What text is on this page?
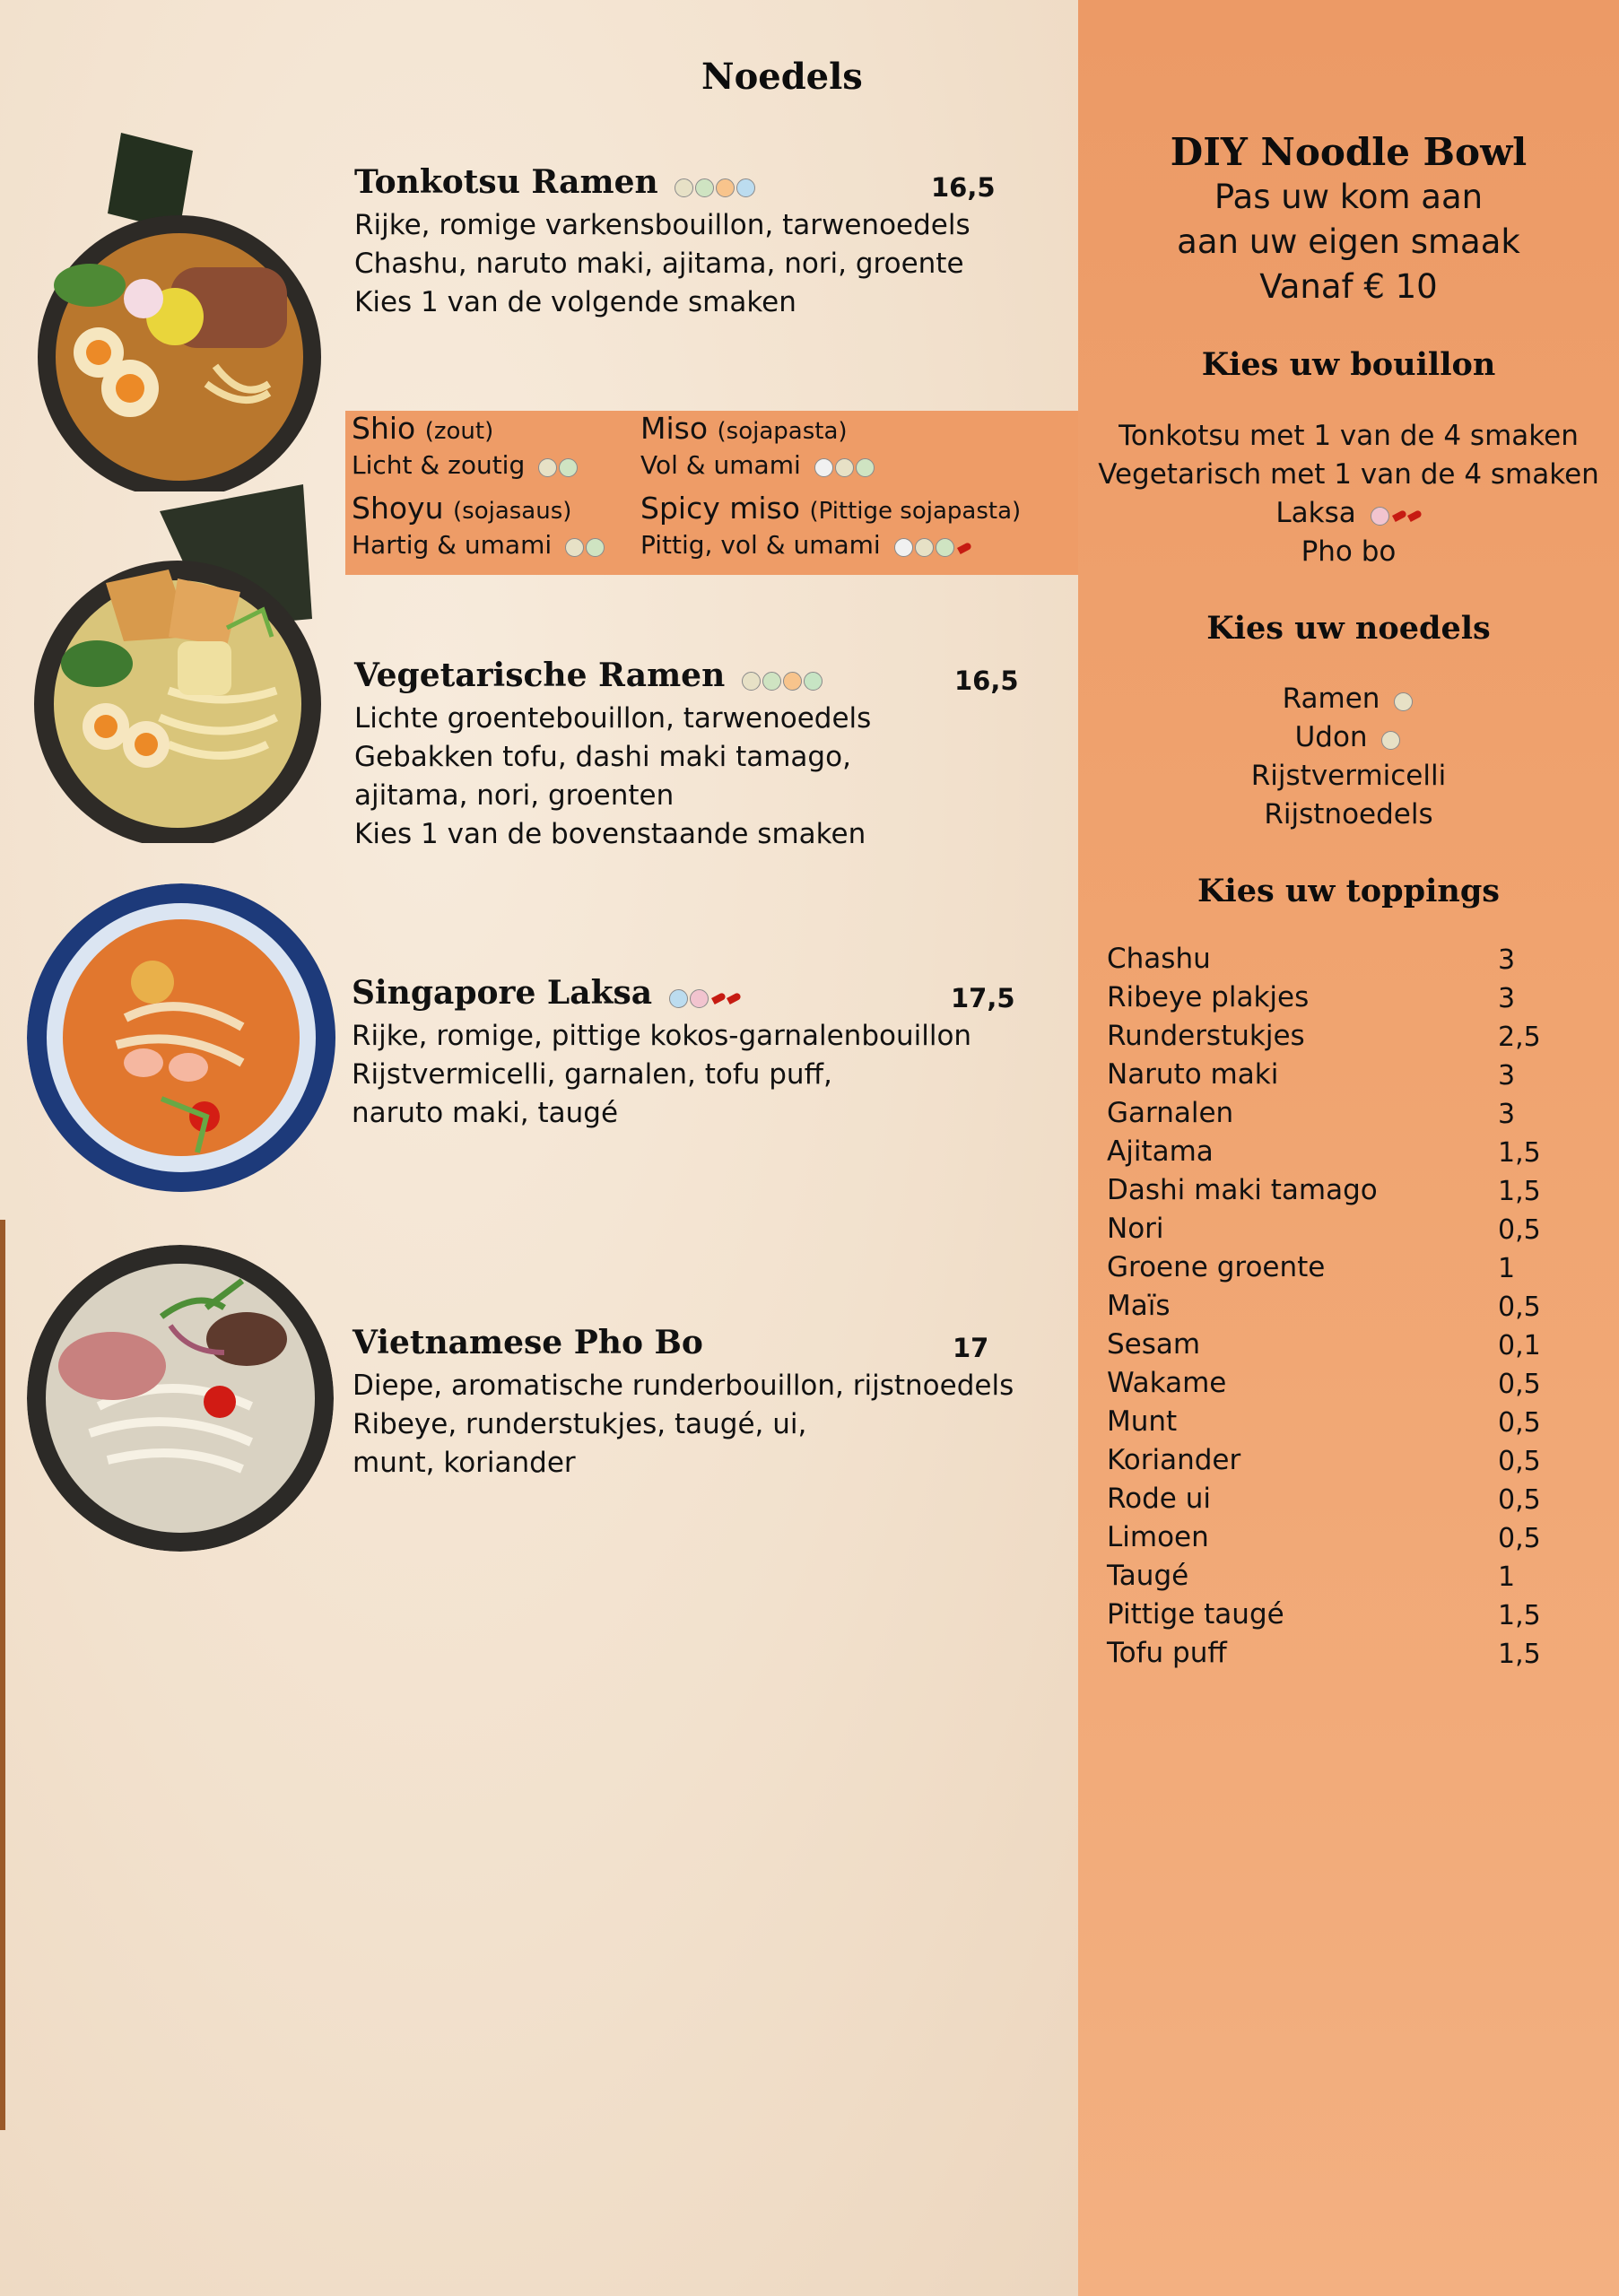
Noedels
Tonkotsu Ramen	16,5
Rijke, romige varkensbouillon, tarwenoedels
Chashu, naruto maki, ajitama, nori, groente
Kies 1 van de volgende smaken
Shio (zout)
Licht & zoutig
Miso (sojapasta)
Vol & umami
Shoyu (sojasaus)
Hartig & umami
Spicy miso (Pittige sojapasta)
Pittig, vol & umami
Vegetarische Ramen	16,5
Lichte groentebouillon, tarwenoedels
Gebakken tofu, dashi maki tamago,
ajitama, nori, groenten
Kies 1 van de bovenstaande smaken
Singapore Laksa	17,5
Rijke, romige, pittige kokos-garnalenbouillon
Rijstvermicelli, garnalen, tofu puff,
naruto maki, taugé
Vietnamese Pho Bo	17
Diepe, aromatische runderbouillon, rijstnoedels
Ribeye, runderstukjes, taugé, ui,
munt, koriander
DIY Noodle Bowl
Pas uw kom aan
aan uw eigen smaak
Vanaf € 10
Kies uw bouillon
Tonkotsu met 1 van de 4 smaken
Vegetarisch met 1 van de 4 smaken
Laksa
Pho bo
Kies uw noedels
Ramen
Udon
Rijstvermicelli
Rijstnoedels
Kies uw toppings
Chashu	3
Ribeye plakjes	3
Runderstukjes	2,5
Naruto maki	3
Garnalen	3
Ajitama	1,5
Dashi maki tamago	1,5
Nori	0,5
Groene groente	1
Maïs	0,5
Sesam	0,1
Wakame	0,5
Munt	0,5
Koriander	0,5
Rode ui	0,5
Limoen	0,5
Taugé	1
Pittige taugé	1,5
Tofu puff	1,5
